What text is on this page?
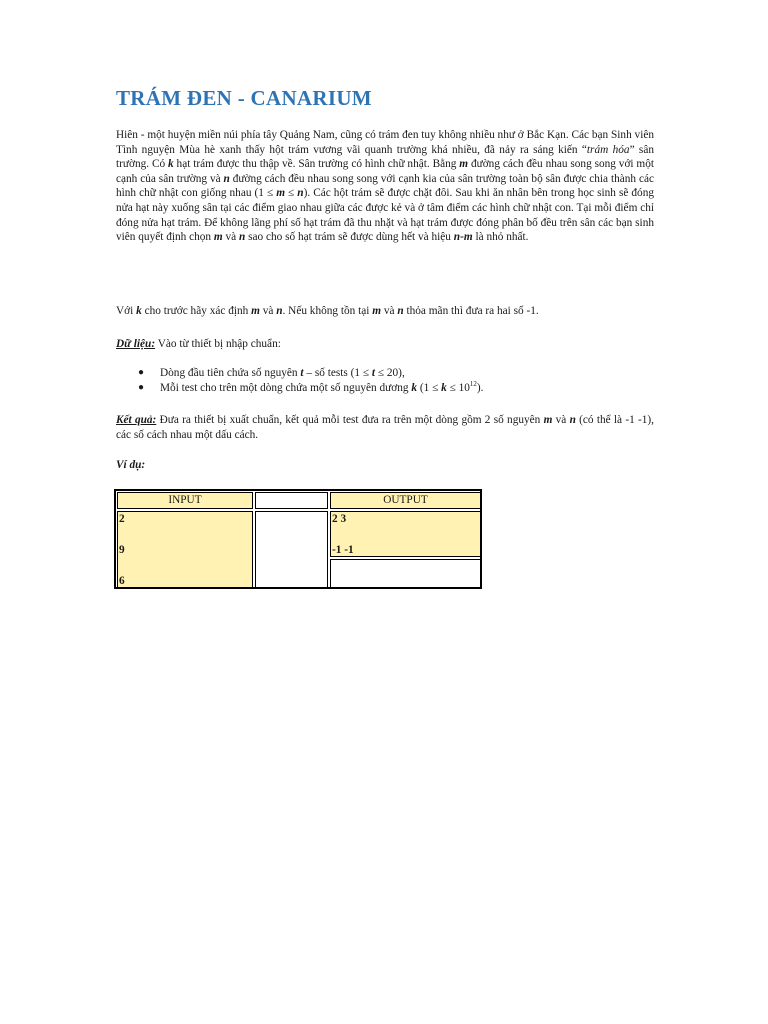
TRÁM ĐEN - CANARIUM
Hiên - một huyện miền núi phía tây Quảng Nam, cũng có trám đen tuy không nhiều như ở Bắc Kạn. Các bạn Sinh viên Tình nguyện Mùa hè xanh thấy hột trám vương vãi quanh trường khá nhiều, đã nảy ra sáng kiến “trám hóa” sân trường. Có k hạt trám được thu thập về. Sân trường có hình chữ nhật. Bằng m đường cách đều nhau song song với một cạnh của sân trường và n đường cách đều nhau song song với cạnh kia của sân trường toàn bộ sân được chia thành các hình chữ nhật con giống nhau (1 ≤ m ≤ n). Các hột trám sẽ được chặt đôi. Sau khi ăn nhân bên trong học sinh sẽ đóng nửa hạt này xuống sân tại các điểm giao nhau giữa các được kẻ và ở tâm điểm các hình chữ nhật con. Tại mỗi điểm chỉ đóng nửa hạt trám. Để không lãng phí số hạt trám đã thu nhặt và hạt trám được đóng phân bố đều trên sân các bạn sinh viên quyết định chọn m và n sao cho số hạt trám sẽ được dùng hết và hiệu n-m là nhỏ nhất.
Với k cho trước hãy xác định m và n. Nếu không tồn tại m và n thỏa mãn thì đưa ra hai số -1.
Dữ liệu: Vào từ thiết bị nhập chuẩn:
● Dòng đầu tiên chứa số nguyên t – số tests (1 ≤ t ≤ 20),
● Mỗi test cho trên một dòng chứa một số nguyên dương k $(1 \le k \le 10^{12})$.
Kết quả: Đưa ra thiết bị xuất chuẩn, kết quả mỗi test đưa ra trên một dòng gồm 2 số nguyên m và n (có thể là -1 -1), các số cách nhau một dấu cách.
Ví dụ:
INPUT	OUTPUT
2
9
6
2 3
-1 -1
